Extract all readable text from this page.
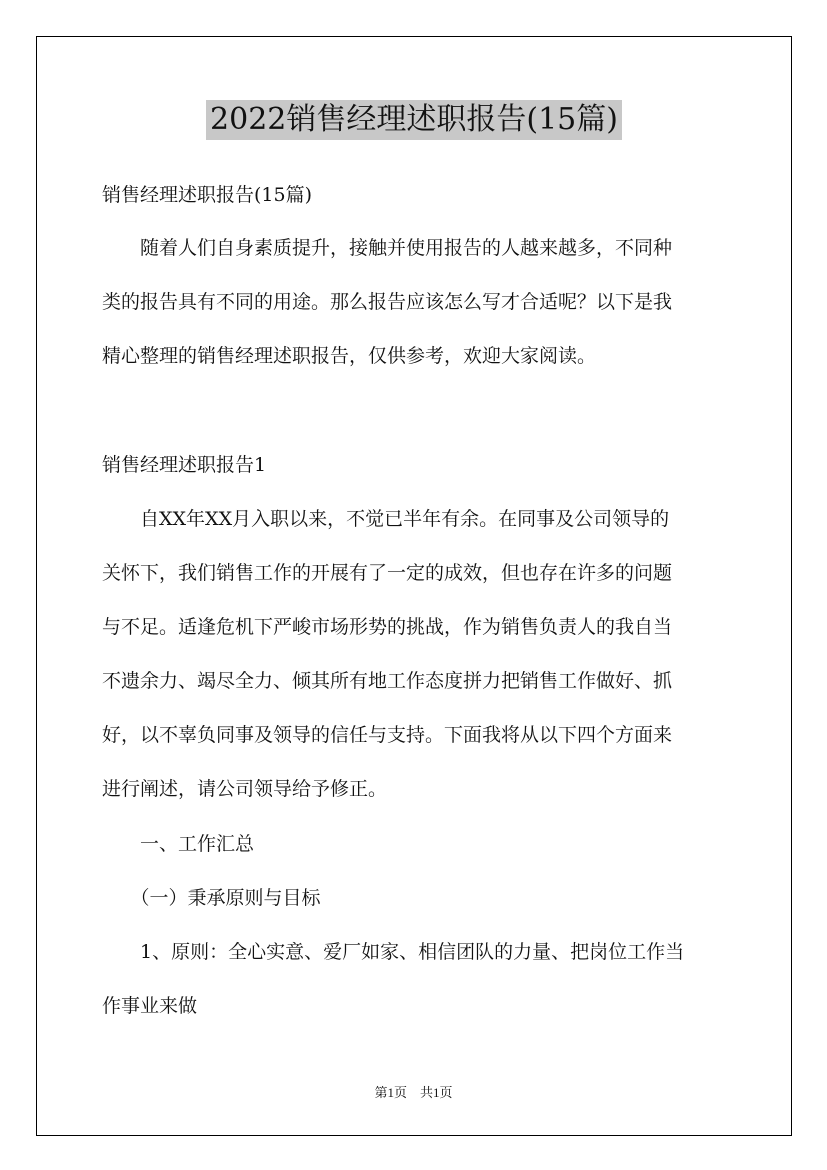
2022销售经理述职报告(15篇)
销售经理述职报告(15篇)
　　随着人们自身素质提升，接触并使用报告的人越来越多，不同种
类的报告具有不同的用途。那么报告应该怎么写才合适呢？以下是我
精心整理的销售经理述职报告，仅供参考，欢迎大家阅读。
销售经理述职报告1
　　自XX年XX月入职以来，不觉已半年有余。在同事及公司领导的
关怀下，我们销售工作的开展有了一定的成效，但也存在许多的问题
与不足。适逢危机下严峻市场形势的挑战，作为销售负责人的我自当
不遗余力、竭尽全力、倾其所有地工作态度拼力把销售工作做好、抓
好，以不辜负同事及领导的信任与支持。下面我将从以下四个方面来
进行阐述，请公司领导给予修正。
　　一、工作汇总
　　（一）秉承原则与目标
　　1、原则：全心实意、爱厂如家、相信团队的力量、把岗位工作当
作事业来做
第1页　共1页
